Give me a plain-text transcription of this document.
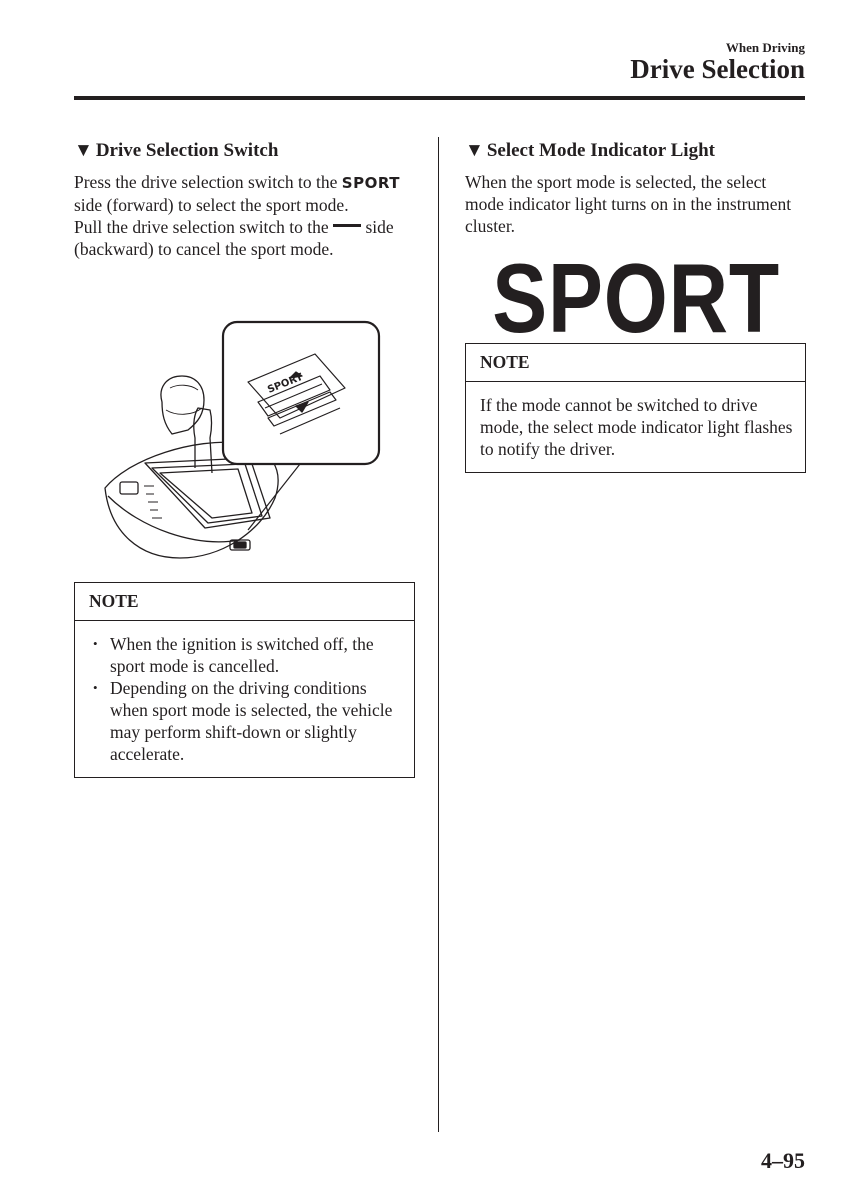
When Driving
Drive Selection
▼ Drive Selection Switch

Press the drive selection switch to the SPORT side (forward) to select the sport mode.

Pull the drive selection switch to the side (backward) to cancel the sport mode.

SPORT
NOTE
• When the ignition is switched off, the sport mode is cancelled.
• Depending on the driving conditions when sport mode is selected, the vehicle may perform shift-down or slightly accelerate.
▼ Select Mode Indicator Light

When the sport mode is selected, the select mode indicator light turns on in the instrument cluster.

SPORT
NOTE
If the mode cannot be switched to drive mode, the select mode indicator light flashes to notify the driver.
4–95
